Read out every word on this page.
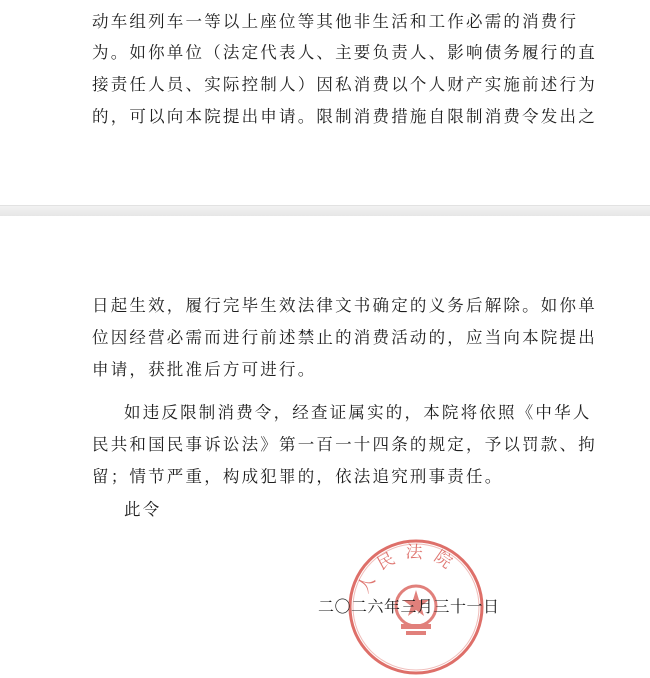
动车组列车一等以上座位等其他非生活和工作必需的消费行
为。如你单位（法定代表人、主要负责人、影响债务履行的直
接责任人员、实际控制人）因私消费以个人财产实施前述行为
的，可以向本院提出申请。限制消费措施自限制消费令发出之
日起生效，履行完毕生效法律文书确定的义务后解除。如你单
位因经营必需而进行前述禁止的消费活动的，应当向本院提出
申请，获批准后方可进行。
如违反限制消费令，经查证属实的，本院将依照《中华人
民共和国民事诉讼法》第一百一十四条的规定，予以罚款、拘
留；情节严重，构成犯罪的，依法追究刑事责任。
此令
人民法院
二〇二六年三月三十一日
